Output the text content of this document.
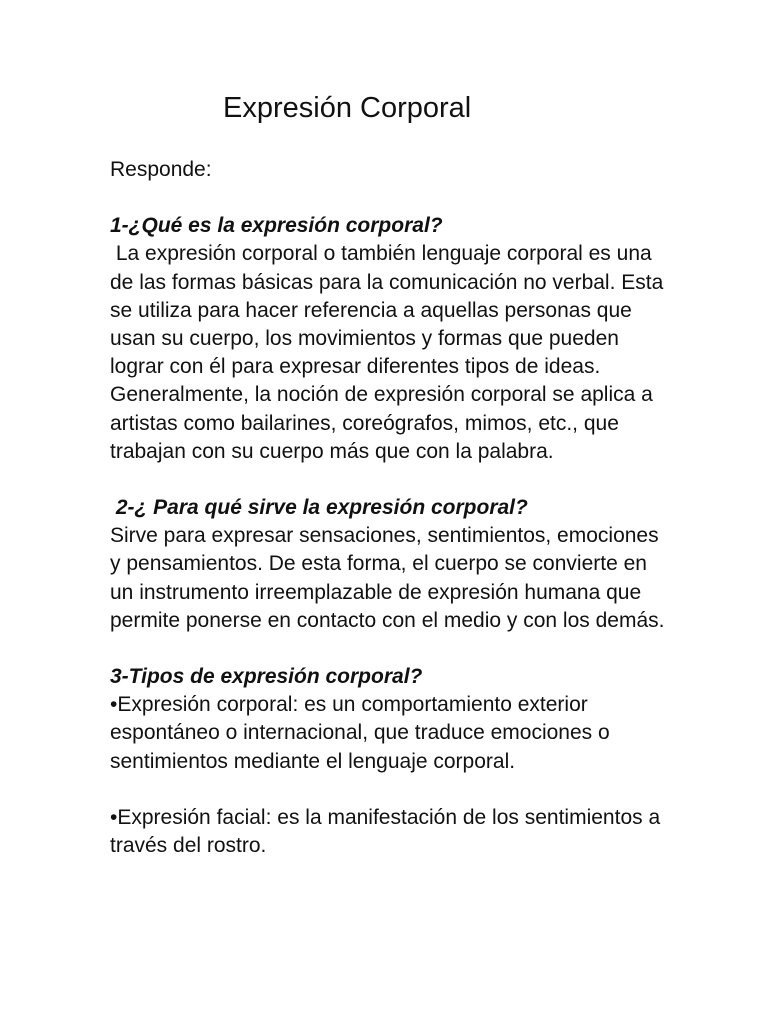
Expresión Corporal

Responde:

1-¿Qué es la expresión corporal?

La expresión corporal o también lenguaje corporal es una de las formas básicas para la comunicación no verbal. Esta se utiliza para hacer referencia a aquellas personas que usan su cuerpo, los movimientos y formas que pueden lograr con él para expresar diferentes tipos de ideas. Generalmente, la noción de expresión corporal se aplica a artistas como bailarines, coreógrafos, mimos, etc., que trabajan con su cuerpo más que con la palabra.

2-¿ Para qué sirve la expresión corporal?

Sirve para expresar sensaciones, sentimientos, emociones y pensamientos. De esta forma, el cuerpo se convierte en un instrumento irreemplazable de expresión humana que permite ponerse en contacto con el medio y con los demás.

3-Tipos de expresión corporal?

•Expresión corporal: es un comportamiento exterior espontáneo o internacional, que traduce emociones o sentimientos mediante el lenguaje corporal.

•Expresión facial: es la manifestación de los sentimientos a través del rostro.
